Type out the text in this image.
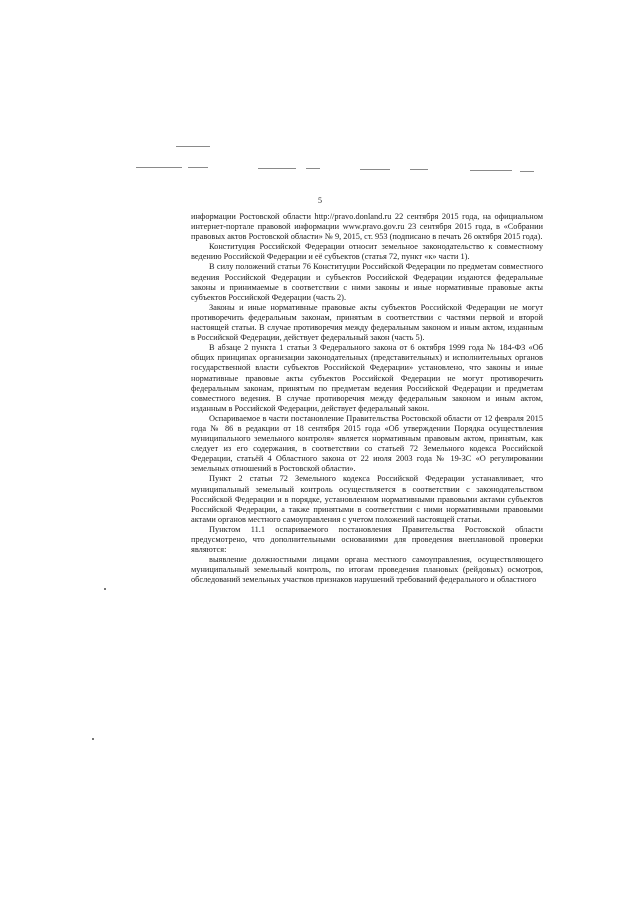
5

информации Ростовской области http://pravo.donland.ru 22 сентября 2015 года, на официальном интернет-портале правовой информации www.pravo.gov.ru 23 сентября 2015 года, в «Собрании правовых актов Ростовской области» № 9, 2015, ст. 953 (подписано в печать 26 октября 2015 года).

Конституция Российской Федерации относит земельное законодательство к совместному ведению Российской Федерации и её субъектов (статья 72, пункт «к» части 1).

В силу положений статьи 76 Конституции Российской Федерации по предметам совместного ведения Российской Федерации и субъектов Российской Федерации издаются федеральные законы и принимаемые в соответствии с ними законы и иные нормативные правовые акты субъектов Российской Федерации (часть 2).

Законы и иные нормативные правовые акты субъектов Российской Федерации не могут противоречить федеральным законам, принятым в соответствии с частями первой и второй настоящей статьи. В случае противоречия между федеральным законом и иным актом, изданным в Российской Федерации, действует федеральный закон (часть 5).

В абзаце 2 пункта 1 статьи 3 Федерального закона от 6 октября 1999 года № 184-ФЗ «Об общих принципах организации законодательных (представительных) и исполнительных органов государственной власти субъектов Российской Федерации» установлено, что законы и иные нормативные правовые акты субъектов Российской Федерации не могут противоречить федеральным законам, принятым по предметам ведения Российской Федерации и предметам совместного ведения. В случае противоречия между федеральным законом и иным актом, изданным в Российской Федерации, действует федеральный закон.

Оспариваемое в части постановление Правительства Ростовской области от 12 февраля 2015 года № 86 в редакции от 18 сентября 2015 года «Об утверждении Порядка осуществления муниципального земельного контроля» является нормативным правовым актом, принятым, как следует из его содержания, в соответствии со статьей 72 Земельного кодекса Российской Федерации, статьёй 4 Областного закона от 22 июля 2003 года № 19-ЗС «О регулировании земельных отношений в Ростовской области».

Пункт 2 статьи 72 Земельного кодекса Российской Федерации устанавливает, что муниципальный земельный контроль осуществляется в соответствии с законодательством Российской Федерации и в порядке, установленном нормативными правовыми актами субъектов Российской Федерации, а также принятыми в соответствии с ними нормативными правовыми актами органов местного самоуправления с учетом положений настоящей статьи.

Пунктом 11.1 оспариваемого постановления Правительства Ростовской области предусмотрено, что дополнительными основаниями для проведения внеплановой проверки являются:

выявление должностными лицами органа местного самоуправления, осуществляющего муниципальный земельный контроль, по итогам проведения плановых (рейдовых) осмотров, обследований земельных участков признаков нарушений требований федерального и областного
